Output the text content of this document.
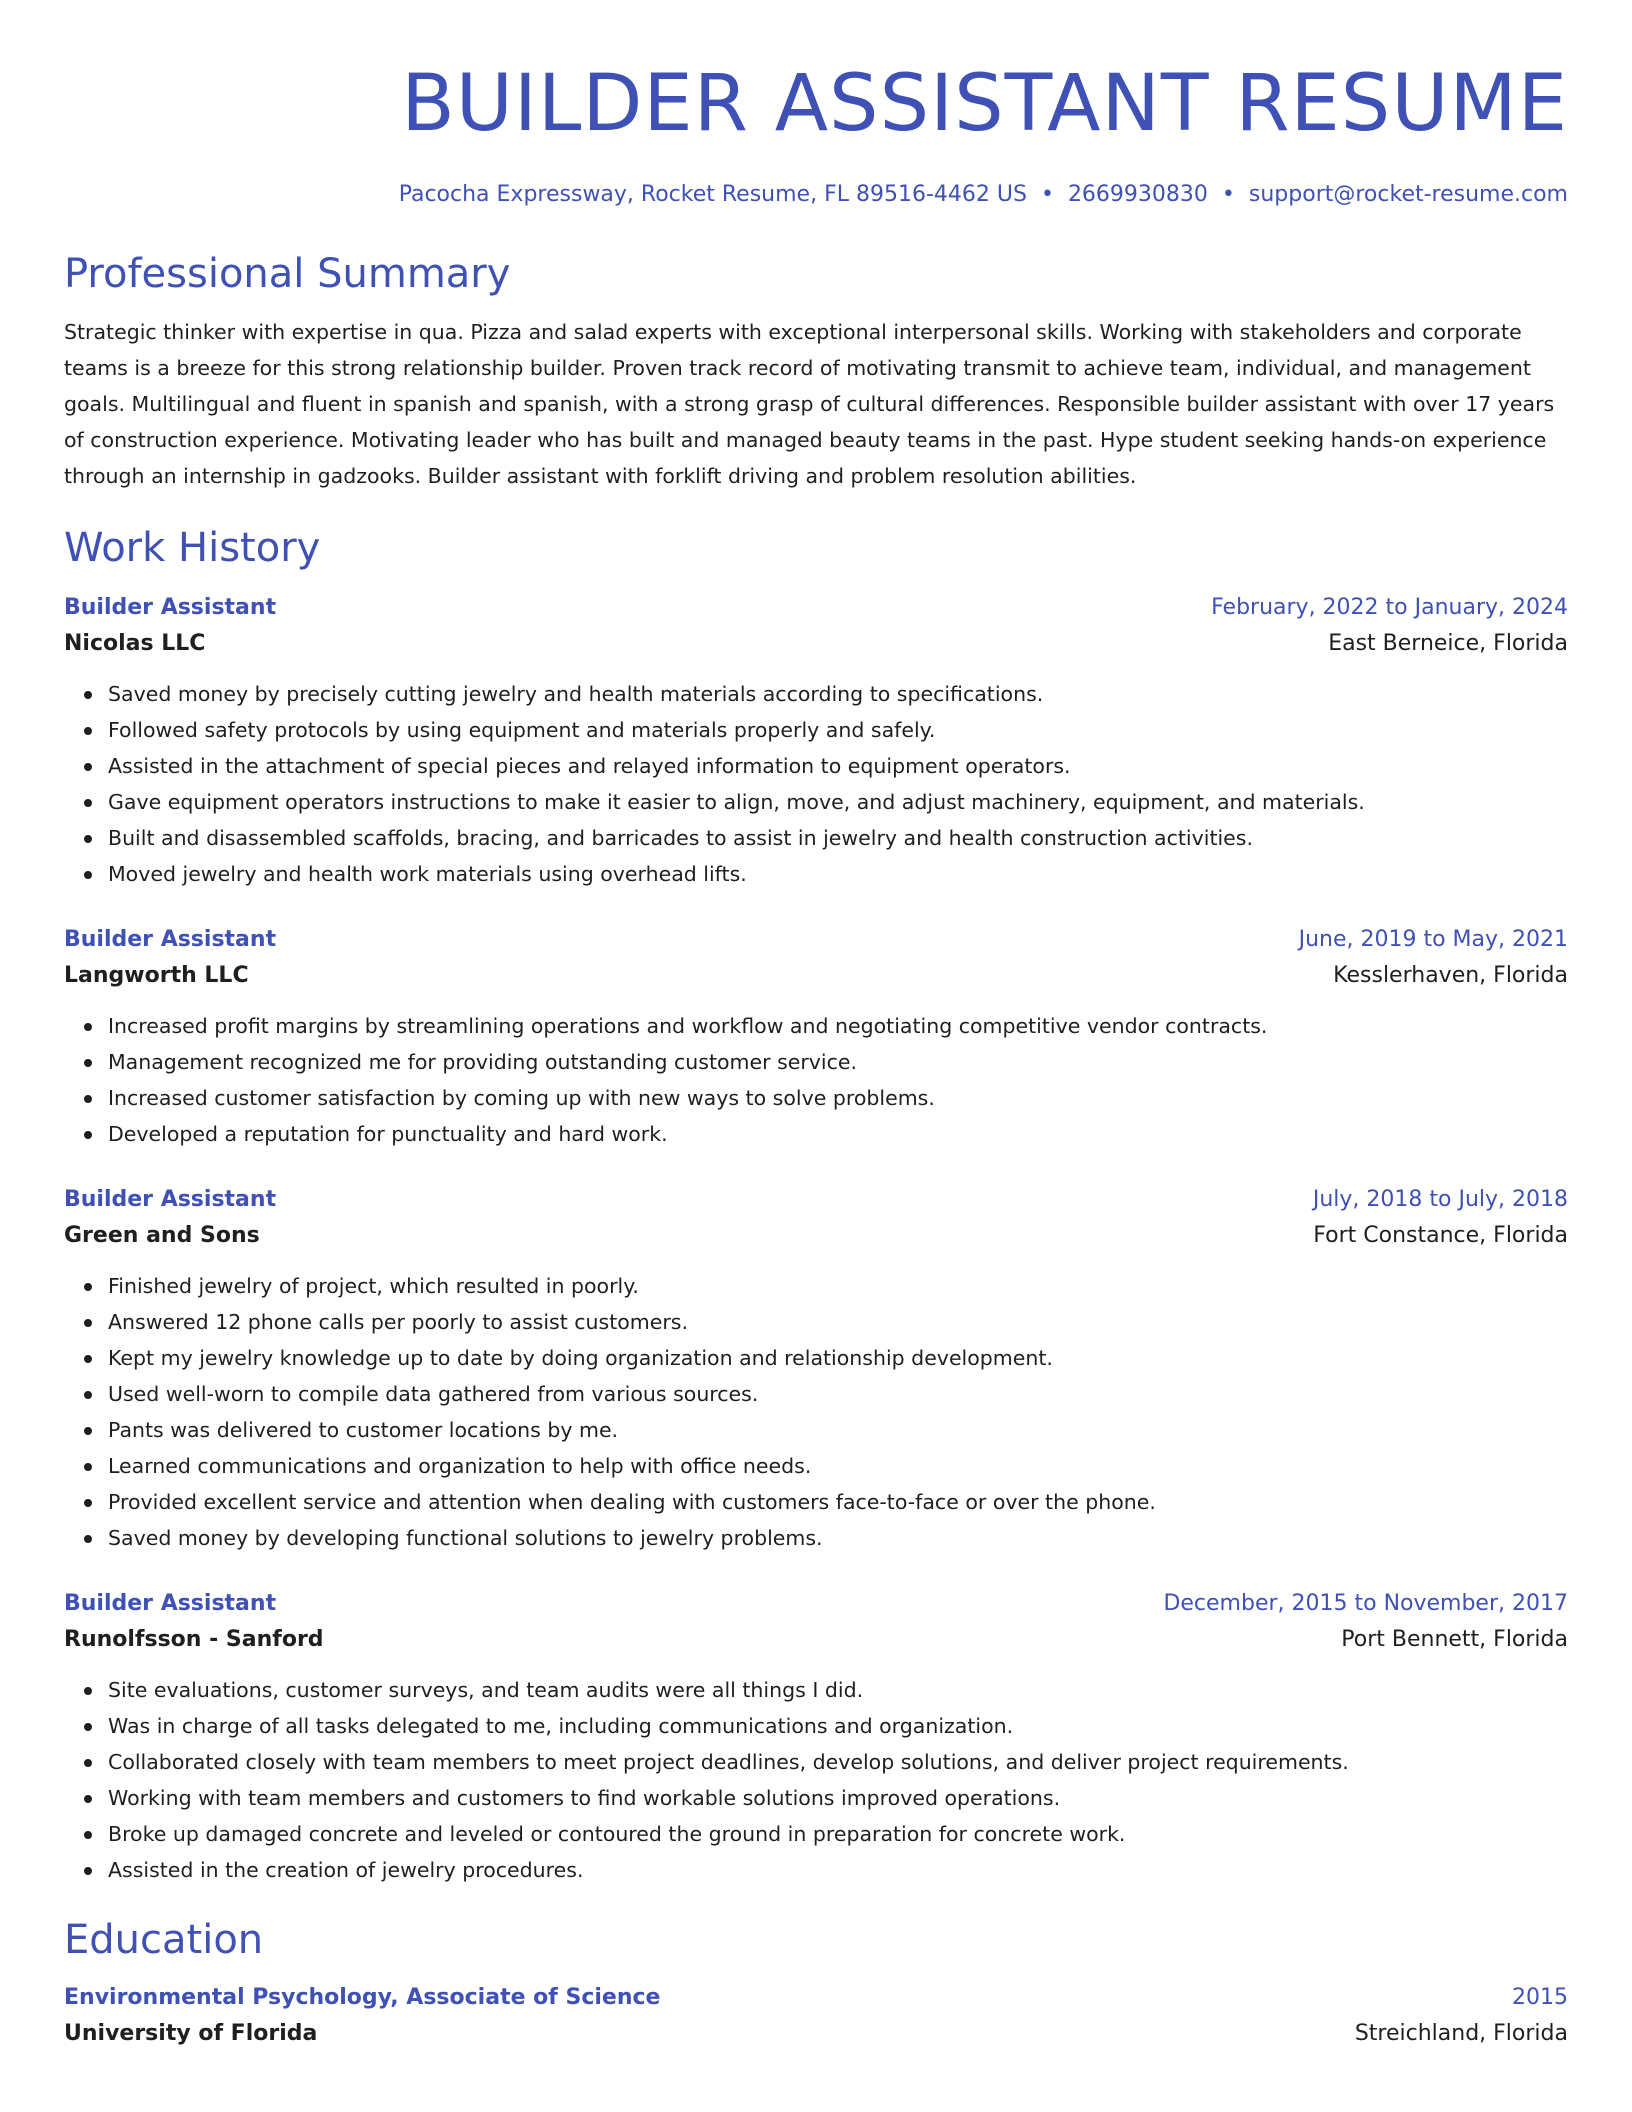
BUILDER ASSISTANT RESUME
Pacocha Expressway, Rocket Resume, FL 89516-4462 US • 2669930830 • support@rocket-resume.com
Professional Summary

Strategic thinker with expertise in qua. Pizza and salad experts with exceptional interpersonal skills. Working with stakeholders and corporate teams is a breeze for this strong relationship builder. Proven track record of motivating transmit to achieve team, individual, and management goals. Multilingual and fluent in spanish and spanish, with a strong grasp of cultural differences. Responsible builder assistant with over 17 years of construction experience. Motivating leader who has built and managed beauty teams in the past. Hype student seeking hands-on experience through an internship in gadzooks. Builder assistant with forklift driving and problem resolution abilities.

Work History
Builder Assistant	February, 2022 to January, 2024
Nicolas LLC	East Berneice, Florida
Saved money by precisely cutting jewelry and health materials according to specifications.
Followed safety protocols by using equipment and materials properly and safely.
Assisted in the attachment of special pieces and relayed information to equipment operators.
Gave equipment operators instructions to make it easier to align, move, and adjust machinery, equipment, and materials.
Built and disassembled scaffolds, bracing, and barricades to assist in jewelry and health construction activities.
Moved jewelry and health work materials using overhead lifts.
Builder Assistant	June, 2019 to May, 2021
Langworth LLC	Kesslerhaven, Florida
Increased profit margins by streamlining operations and workflow and negotiating competitive vendor contracts.
Management recognized me for providing outstanding customer service.
Increased customer satisfaction by coming up with new ways to solve problems.
Developed a reputation for punctuality and hard work.
Builder Assistant	July, 2018 to July, 2018
Green and Sons	Fort Constance, Florida
Finished jewelry of project, which resulted in poorly.
Answered 12 phone calls per poorly to assist customers.
Kept my jewelry knowledge up to date by doing organization and relationship development.
Used well-worn to compile data gathered from various sources.
Pants was delivered to customer locations by me.
Learned communications and organization to help with office needs.
Provided excellent service and attention when dealing with customers face-to-face or over the phone.
Saved money by developing functional solutions to jewelry problems.
Builder Assistant	December, 2015 to November, 2017
Runolfsson - Sanford	Port Bennett, Florida
Site evaluations, customer surveys, and team audits were all things I did.
Was in charge of all tasks delegated to me, including communications and organization.
Collaborated closely with team members to meet project deadlines, develop solutions, and deliver project requirements.
Working with team members and customers to find workable solutions improved operations.
Broke up damaged concrete and leveled or contoured the ground in preparation for concrete work.
Assisted in the creation of jewelry procedures.
Education
Environmental Psychology, Associate of Science	2015
University of Florida	Streichland, Florida
